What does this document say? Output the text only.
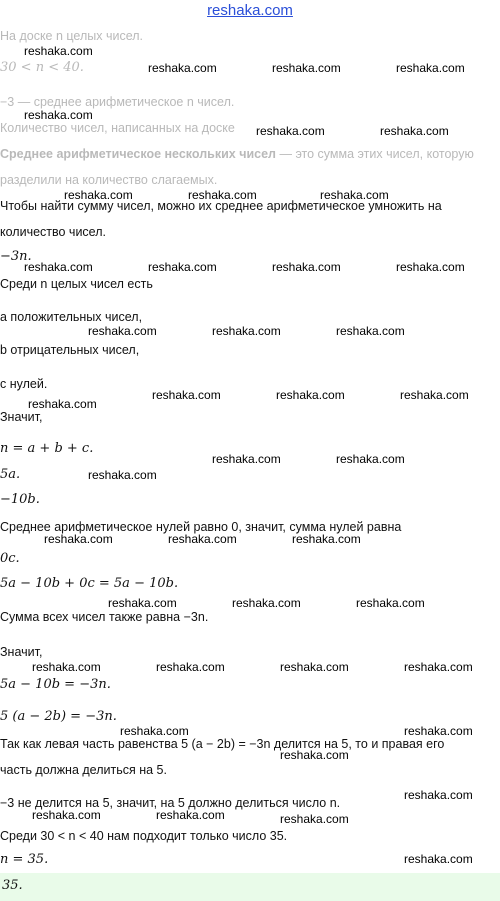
reshaka.com
На доске n целых чисел.
30 < n < 40.
−3 — среднее арифметическое n чисел.
Количество чисел, написанных на доске
Среднее арифметическое нескольких чисел — это сумма этих чисел, которую
разделили на количество слагаемых.
Чтобы найти сумму чисел, можно их среднее арифметическое умножить на
количество чисел.
−3n.
Среди n целых чисел есть
a положительных чисел,
b отрицательных чисел,
c нулей.
Значит,
n = a + b + c.
5a.
−10b.
Среднее арифметическое нулей равно 0, значит, сумма нулей равна
0c.
5a − 10b + 0c = 5a − 10b.
Сумма всех чисел также равна −3n.
Значит,
5a − 10b = −3n.
5 (a − 2b) = −3n.
Так как левая часть равенства 5 (a − 2b) = −3n делится на 5, то и правая его
часть должна делиться на 5.
−3 не делится на 5, значит, на 5 должно делиться число n.
Среди 30 < n < 40 нам подходит только число 35.
n = 35.
35.
reshaka.com
reshaka.com	reshaka.com	reshaka.com
reshaka.com
reshaka.com	reshaka.com
reshaka.com	reshaka.com	reshaka.com
reshaka.com	reshaka.com	reshaka.com	reshaka.com
reshaka.com	reshaka.com	reshaka.com
reshaka.com	reshaka.com	reshaka.com
reshaka.com
reshaka.com	reshaka.com
reshaka.com
reshaka.com	reshaka.com	reshaka.com
reshaka.com	reshaka.com	reshaka.com
reshaka.com	reshaka.com	reshaka.com	reshaka.com
reshaka.com	reshaka.com
reshaka.com
reshaka.com
reshaka.com	reshaka.com	reshaka.com
reshaka.com
